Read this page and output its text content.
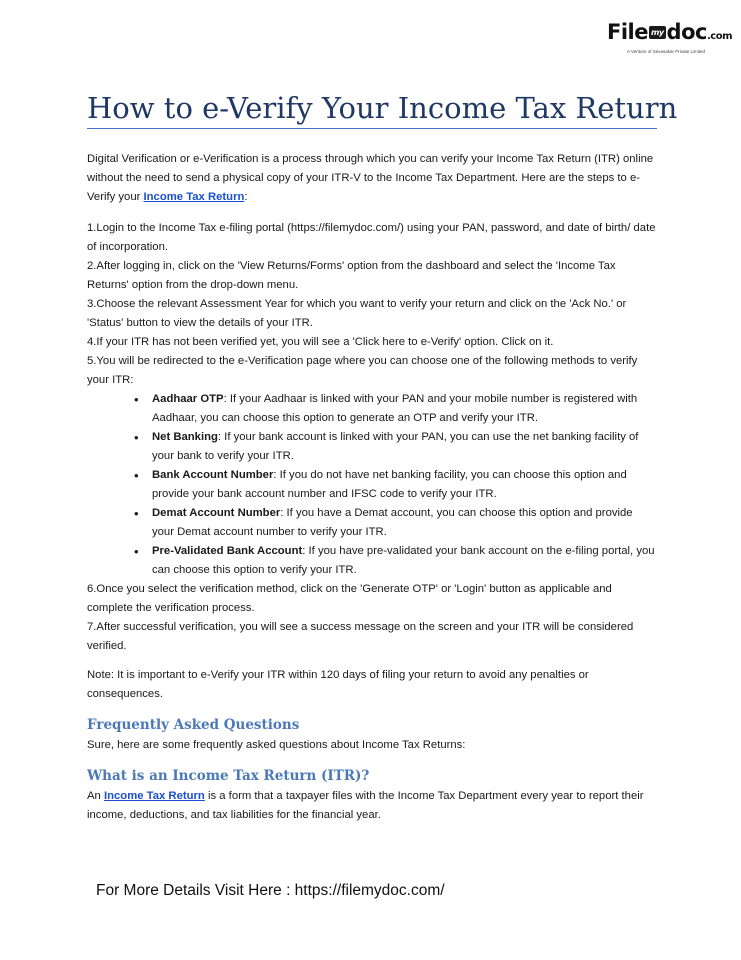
File my doc.com
A Venture of Sevasakar Private Limited
How to e-Verify Your Income Tax Return

Digital Verification or e-Verification is a process through which you can verify your Income Tax Return (ITR) online without the need to send a physical copy of your ITR-V to the Income Tax Department. Here are the steps to e-Verify your Income Tax Return:

1.Login to the Income Tax e-filing portal (https://filemydoc.com/) using your PAN, password, and date of birth/ date of incorporation.

2.After logging in, click on the 'View Returns/Forms' option from the dashboard and select the 'Income Tax Returns' option from the drop-down menu.

3.Choose the relevant Assessment Year for which you want to verify your return and click on the 'Ack No.' or 'Status' button to view the details of your ITR.

4.If your ITR has not been verified yet, you will see a 'Click here to e-Verify' option. Click on it.

5.You will be redirected to the e-Verification page where you can choose one of the following methods to verify your ITR:

• Aadhaar OTP: If your Aadhaar is linked with your PAN and your mobile number is registered with Aadhaar, you can choose this option to generate an OTP and verify your ITR.
• Net Banking: If your bank account is linked with your PAN, you can use the net banking facility of your bank to verify your ITR.
• Bank Account Number: If you do not have net banking facility, you can choose this option and provide your bank account number and IFSC code to verify your ITR.
• Demat Account Number: If you have a Demat account, you can choose this option and provide your Demat account number to verify your ITR.
• Pre-Validated Bank Account: If you have pre-validated your bank account on the e-filing portal, you can choose this option to verify your ITR.

6.Once you select the verification method, click on the 'Generate OTP' or 'Login' button as applicable and complete the verification process.

7.After successful verification, you will see a success message on the screen and your ITR will be considered verified.

Note: It is important to e-Verify your ITR within 120 days of filing your return to avoid any penalties or consequences.

Frequently Asked Questions

Sure, here are some frequently asked questions about Income Tax Returns:

What is an Income Tax Return (ITR)?

An Income Tax Return is a form that a taxpayer files with the Income Tax Department every year to report their income, deductions, and tax liabilities for the financial year.

For More Details Visit Here : https://filemydoc.com/
